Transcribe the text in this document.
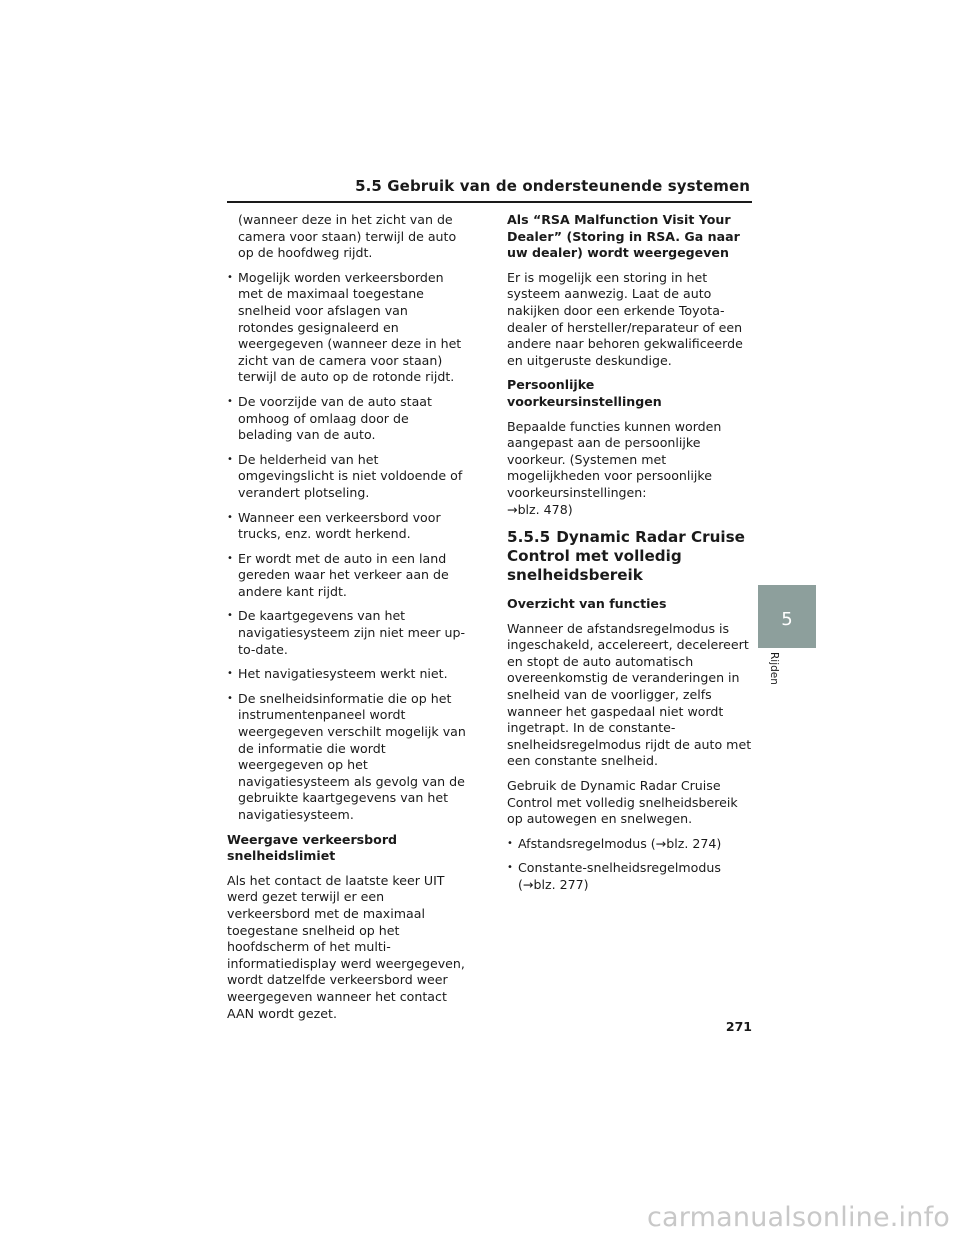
5.5 Gebruik van de ondersteunende systemen

(wanneer deze in het zicht van de camera voor staan) terwijl de auto op de hoofdweg rijdt.

• Mogelijk worden verkeersborden met de maximaal toegestane snelheid voor afslagen van rotondes gesignaleerd en weergegeven (wanneer deze in het zicht van de camera voor staan) terwijl de auto op de rotonde rijdt.
• De voorzijde van de auto staat omhoog of omlaag door de belading van de auto.
• De helderheid van het omgevingslicht is niet voldoende of verandert plotseling.
• Wanneer een verkeersbord voor trucks, enz. wordt herkend.
• Er wordt met de auto in een land gereden waar het verkeer aan de andere kant rijdt.
• De kaartgegevens van het navigatiesysteem zijn niet meer up-to-date.
• Het navigatiesysteem werkt niet.
• De snelheidsinformatie die op het instrumentenpaneel wordt weergegeven verschilt mogelijk van de informatie die wordt weergegeven op het navigatiesysteem als gevolg van de gebruikte kaartgegevens van het navigatiesysteem.

Weergave verkeersbord snelheidslimiet

Als het contact de laatste keer UIT werd gezet terwijl er een verkeersbord met de maximaal toegestane snelheid op het hoofdscherm of het multi-informatiedisplay werd weergegeven, wordt datzelfde verkeersbord weer weergegeven wanneer het contact AAN wordt gezet.

Als “RSA Malfunction Visit Your Dealer” (Storing in RSA. Ga naar uw dealer) wordt weergegeven

Er is mogelijk een storing in het systeem aanwezig. Laat de auto nakijken door een erkende Toyota-dealer of hersteller/reparateur of een andere naar behoren gekwalificeerde en uitgeruste deskundige.

Persoonlijke voorkeursinstellingen

Bepaalde functies kunnen worden aangepast aan de persoonlijke voorkeur. (Systemen met mogelijkheden voor persoonlijke voorkeursinstellingen:
→blz. 478)

5.5.5 Dynamic Radar Cruise Control met volledig snelheidsbereik

Overzicht van functies

Wanneer de afstandsregelmodus is ingeschakeld, accelereert, decelereert en stopt de auto automatisch overeenkomstig de veranderingen in snelheid van de voorligger, zelfs wanneer het gaspedaal niet wordt ingetrapt. In de constante-snelheidsregelmodus rijdt de auto met een constante snelheid.

Gebruik de Dynamic Radar Cruise Control met volledig snelheidsbereik op autowegen en snelwegen.

• Afstandsregelmodus (→blz. 274)
• Constante-snelheidsregelmodus
(→blz. 277)
5
Rijden
271
carmanualsonline.info
